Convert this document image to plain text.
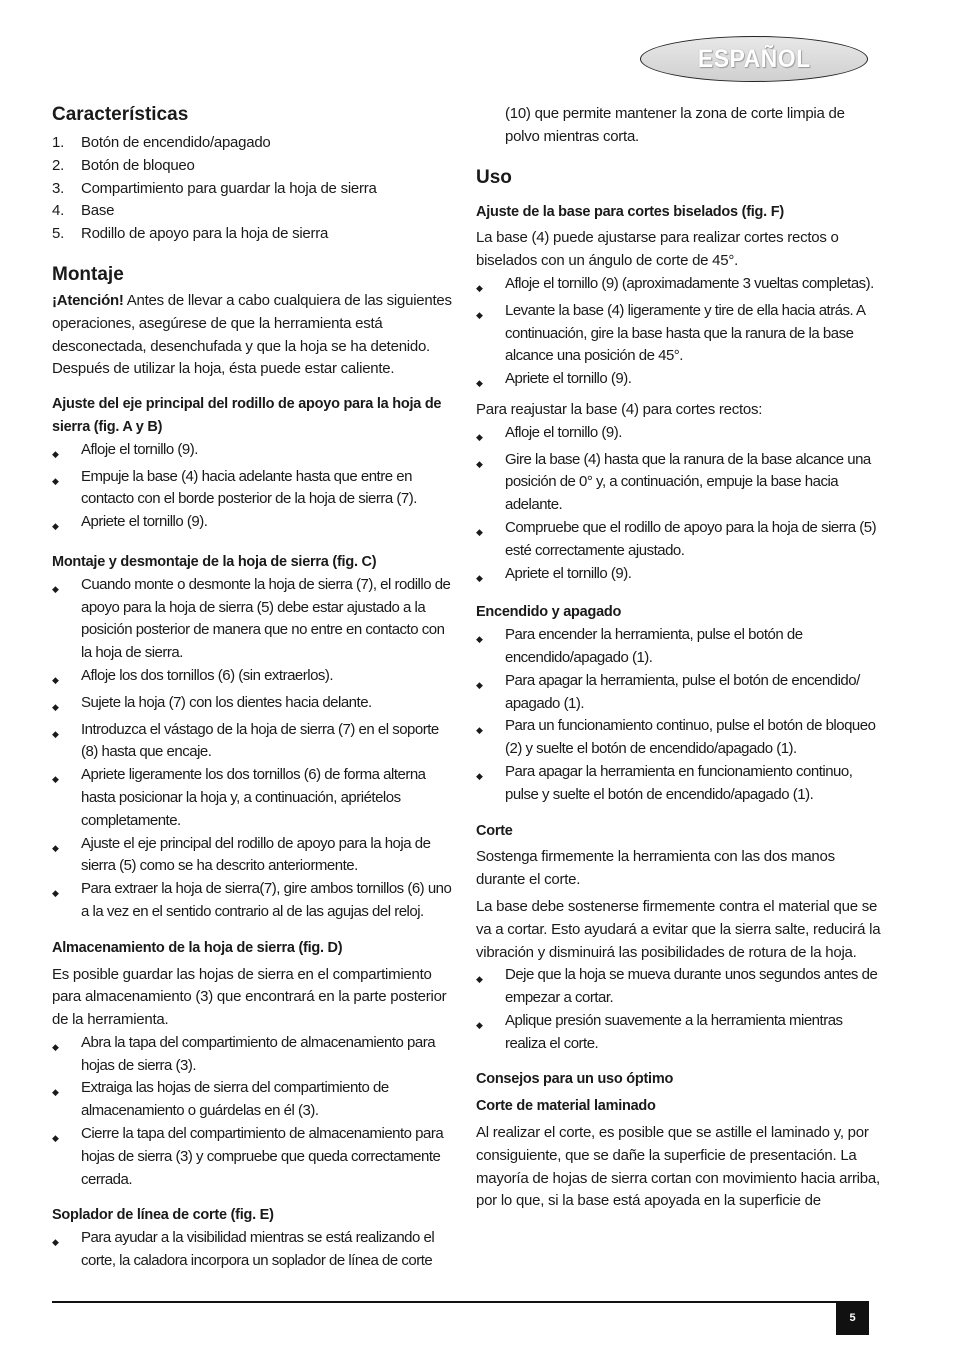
ESPAÑOL
Características
1.	Botón de encendido/apagado
2.	Botón de bloqueo
3.	Compartimiento para guardar la hoja de sierra
4.	Base
5.	Rodillo de apoyo para la hoja de sierra
Montaje

¡Atención! Antes de llevar a cabo cualquiera de las siguientes operaciones, asegúrese de que la herramienta está desconectada, desenchufada y que la hoja se ha detenido. Después de utilizar la hoja, ésta puede estar caliente.

Ajuste del eje principal del rodillo de apoyo para la hoja de sierra (fig. A y B)

◆	Afloje el tornillo (9).
◆	Empuje la base (4) hacia adelante hasta que entre en contacto con el borde posterior de la hoja de sierra (7).
◆	Apriete el tornillo (9).

Montaje y desmontaje de la hoja de sierra (fig. C)

◆	Cuando monte o desmonte la hoja de sierra (7), el rodillo de apoyo para la hoja de sierra (5) debe estar ajustado a la posición posterior de manera que no entre en contacto con la hoja de sierra.
◆	Afloje los dos tornillos (6) (sin extraerlos).
◆	Sujete la hoja (7) con los dientes hacia delante.
◆	Introduzca el vástago de la hoja de sierra (7) en el soporte (8) hasta que encaje.
◆	Apriete ligeramente los dos tornillos (6) de forma alterna hasta posicionar la hoja y, a continuación, apriételos completamente.
◆	Ajuste el eje principal del rodillo de apoyo para la hoja de sierra (5) como se ha descrito anteriormente.
◆	Para extraer la hoja de sierra(7), gire ambos tornillos (6) uno a la vez en el sentido contrario al de las agujas del reloj.

Almacenamiento de la hoja de sierra (fig. D)

Es posible guardar las hojas de sierra en el compartimiento para almacenamiento (3) que encontrará en la parte posterior de la herramienta.

◆	Abra la tapa del compartimiento de almacenamiento para hojas de sierra (3).
◆	Extraiga las hojas de sierra del compartimiento de almacenamiento o guárdelas en él (3).
◆	Cierre la tapa del compartimiento de almacenamiento para hojas de sierra (3) y compruebe que queda correctamente cerrada.

Soplador de línea de corte (fig. E)

◆	Para ayudar a la visibilidad mientras se está realizando el corte, la caladora incorpora un soplador de línea de corte

(10) que permite mantener la zona de corte limpia de polvo mientras corta.

Uso

Ajuste de la base para cortes biselados (fig. F)

La base (4) puede ajustarse para realizar cortes rectos o biselados con un ángulo de corte de 45°.

◆	Afloje el tornillo (9) (aproximadamente 3 vueltas completas).
◆	Levante la base (4) ligeramente y tire de ella hacia atrás. A continuación, gire la base hasta que la ranura de la base alcance una posición de 45°.
◆	Apriete el tornillo (9).

Para reajustar la base (4) para cortes rectos:

◆	Afloje el tornillo (9).
◆	Gire la base (4) hasta que la ranura de la base alcance una posición de 0° y, a continuación, empuje la base hacia adelante.
◆	Compruebe que el rodillo de apoyo para la hoja de sierra (5) esté correctamente ajustado.
◆	Apriete el tornillo (9).

Encendido y apagado

◆	Para encender la herramienta, pulse el botón de encendido/apagado (1).
◆	Para apagar la herramienta, pulse el botón de encendido/ apagado (1).
◆	Para un funcionamiento continuo, pulse el botón de bloqueo (2) y suelte el botón de encendido/apagado (1).
◆	Para apagar la herramienta en funcionamiento continuo, pulse y suelte el botón de encendido/apagado (1).

Corte

Sostenga firmemente la herramienta con las dos manos durante el corte.

La base debe sostenerse firmemente contra el material que se va a cortar. Esto ayudará a evitar que la sierra salte, reducirá la vibración y disminuirá las posibilidades de rotura de la hoja.

◆	Deje que la hoja se mueva durante unos segundos antes de empezar a cortar.
◆	Aplique presión suavemente a la herramienta mientras realiza el corte.

Consejos para un uso óptimo

Corte de material laminado

Al realizar el corte, es posible que se astille el laminado y, por consiguiente, que se dañe la superficie de presentación. La mayoría de hojas de sierra cortan con movimiento hacia arriba, por lo que, si la base está apoyada en la superficie de

5
